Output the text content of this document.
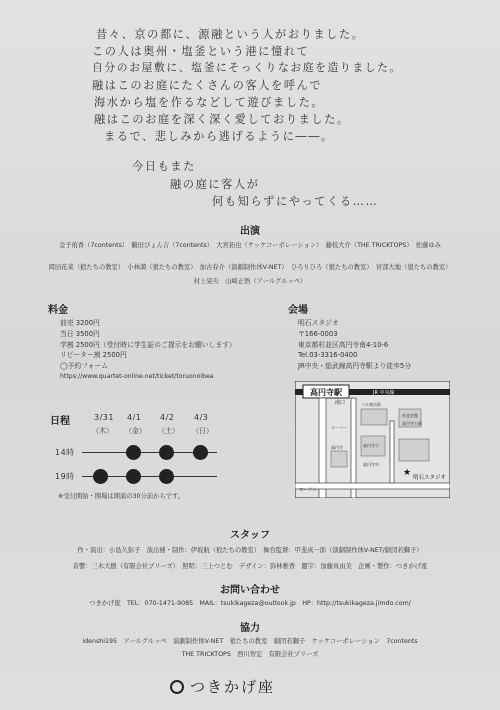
昔々、京の都に、源融という人がおりました。
この人は奥州・塩釜という港に憧れて
自分のお屋敷に、塩釜にそっくりなお庭を造りました。
融はこのお庭にたくさんの客人を呼んで
海水から塩を作るなどして遊びました。
融はこのお庭を深く深く愛しておりました。
まるで、悲しみから逃げるように――。
今日もまた
融の庭に客人が
何も知らずにやってくる……
出演
金子侑香（7contents）　鶴田ぴょん吉（7contents）　大宮拓也（ケッケコーポレーション）　藤枝大介（THE TRICKTOPS）　佐藤ゆみ
岡田花菜（狼たちの教室）　小林満（狼たちの教室）　加古春介（演劇制作体V-NET）　ひろりひろ（狼たちの教室）　宮部大地（狼たちの教室）
村上晃央　山崎正悟（アールグルッペ）
料金
前売 3200円
当日 3500円
学割 2500円（受付時に学生証のご提示をお願いします）
リピーター割 2500円
◯予約フォーム
https://www.quartet-online.net/ticket/toruonoibea
会場
明石スタジオ
〒166-0003
東京都杉並区高円寺南4-10-6
Tel.03-3316-0400
JR中央・総武線高円寺駅より徒歩5分
高円寺駅	JR 中央線
南口
杉並会館
高円寺公園
スーパー
高円寺小
高円寺中
高円寺
パル商店街
ローソン
★ 明石スタジオ
日程	3/31
（木）
4/1
（金）
4/2
（土）
4/3
（日）
14時
19時
※受付開始・開場は開演の30分前からです。
スタッフ
作・演出：小島久弥子　演出補・制作：伊坂航（狼たちの教室）　舞台監督：甲斐真一郎（演劇制作体V-NET/劇団若獅子）
音響：三木大樹（有限会社プリーズ）　照明：三上つとむ　デザイン：弥林雅香　題字：加藤真由美　企画・製作：つきかげ座
お問い合わせ
つきかげ座　TEL：070-1471-9085　MAIL：tsukikageza@outlook.jp　HP：http://tsukikageza.jimdo.com/
協力
idenshi195　アールグルッペ　演劇制作体V-NET　狼たちの教室　劇団若獅子　ケッケコーポレーション　7contents
THE TRICKTOPS　西川智宏　有限会社プリーズ
つきかげ座
